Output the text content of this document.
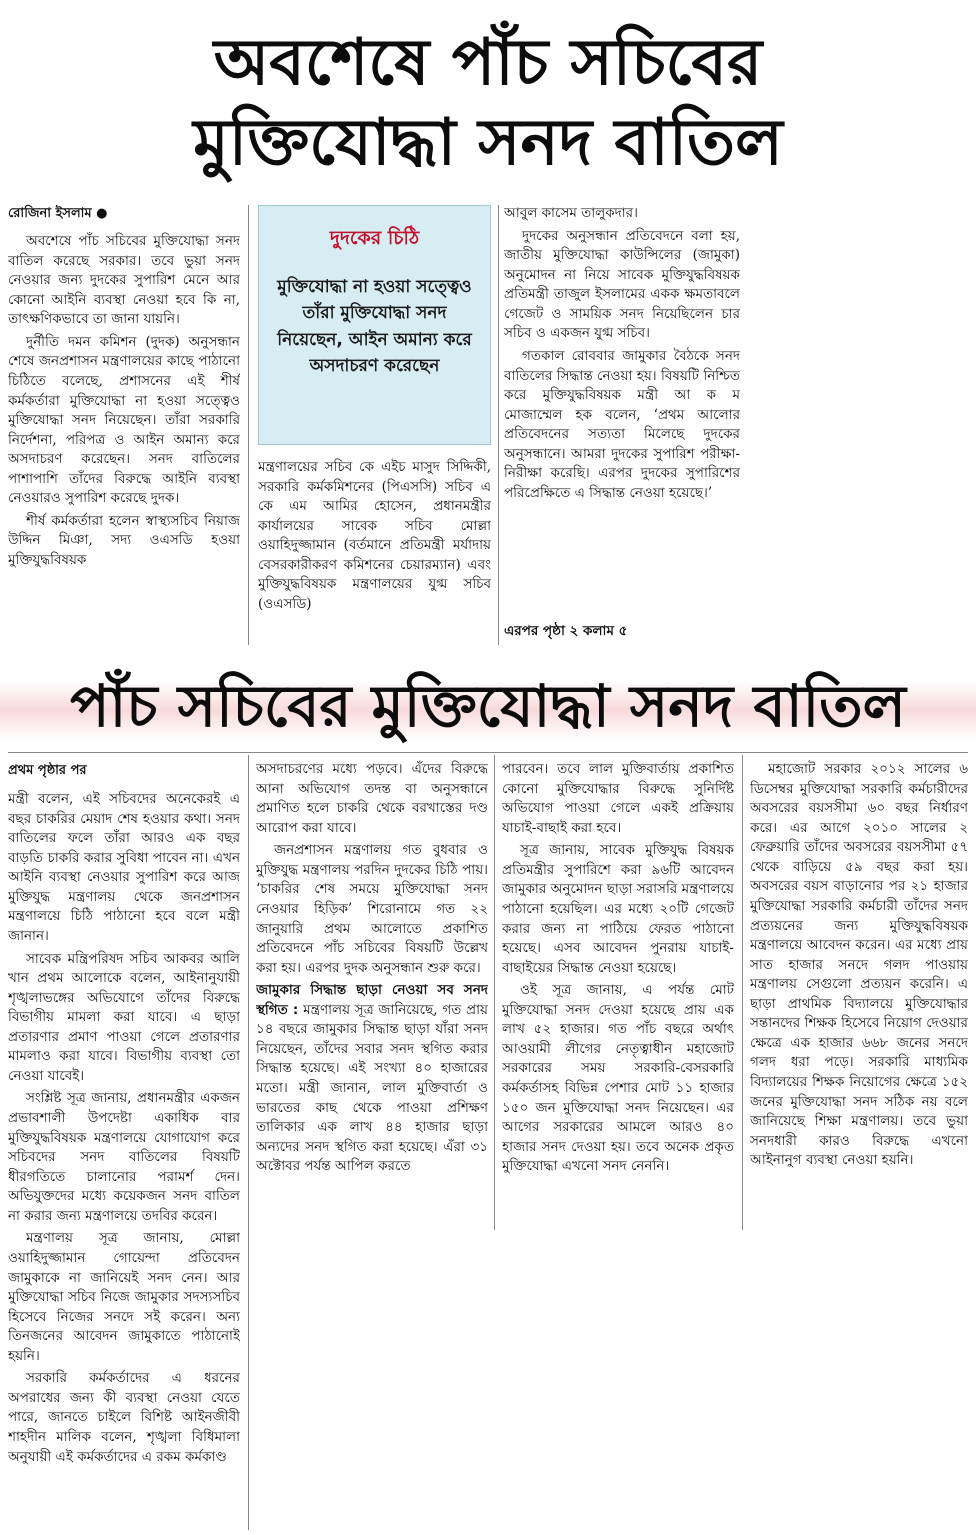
অবশেষে পাঁচ সচিবের
মুক্তিযোদ্ধা সনদ বাতিল
রোজিনা ইসলাম ●

অবশেষে পাঁচ সচিবের মুক্তিযোদ্ধা সনদ বাতিল করেছে সরকার। তবে ভুয়া সনদ নেওয়ার জন্য দুদকের সুপারিশ মেনে আর কোনো আইনি ব্যবস্থা নেওয়া হবে কি না, তাৎক্ষণিকভাবে তা জানা যায়নি।

দুর্নীতি দমন কমিশন (দুদক) অনুসন্ধান শেষে জনপ্রশাসন মন্ত্রণালয়ের কাছে পাঠানো চিঠিতে বলেছে, প্রশাসনের এই শীর্ষ কর্মকর্তারা মুক্তিযোদ্ধা না হওয়া সত্ত্বেও মুক্তিযোদ্ধা সনদ নিয়েছেন। তাঁরা সরকারি নির্দেশনা, পরিপত্র ও আইন অমান্য করে অসদাচরণ করেছেন। সনদ বাতিলের পাশাপাশি তাঁদের বিরুদ্ধে আইনি ব্যবস্থা নেওয়ারও সুপারিশ করেছে দুদক।

শীর্ষ কর্মকর্তারা হলেন স্বাস্থ্যসচিব নিয়াজ উদ্দিন মিঞা, সদ্য ওএসডি হওয়া মুক্তিযুদ্ধবিষয়ক

দুদকের চিঠি
মুক্তিযোদ্ধা না হওয়া সত্ত্বেও তাঁরা মুক্তিযোদ্ধা সনদ নিয়েছেন, আইন অমান্য করে অসদাচরণ করেছেন

মন্ত্রণালয়ের সচিব কে এইচ মাসুদ সিদ্দিকী, সরকারি কর্মকমিশনের (পিএসসি) সচিব এ কে এম আমির হোসেন, প্রধানমন্ত্রীর কার্যালয়ের সাবেক সচিব মোল্লা ওয়াহিদুজ্জামান (বর্তমানে প্রতিমন্ত্রী মর্যাদায় বেসরকারীকরণ কমিশনের চেয়ারম্যান) এবং মুক্তিযুদ্ধবিষয়ক মন্ত্রণালয়ের যুগ্ম সচিব (ওএসডি)

আবুল কাসেম তালুকদার।

দুদকের অনুসন্ধান প্রতিবেদনে বলা হয়, জাতীয় মুক্তিযোদ্ধা কাউন্সিলের (জামুকা) অনুমোদন না নিয়ে সাবেক মুক্তিযুদ্ধবিষয়ক প্রতিমন্ত্রী তাজুল ইসলামের একক ক্ষমতাবলে গেজেট ও সাময়িক সনদ নিয়েছিলেন চার সচিব ও একজন যুগ্ম সচিব।

গতকাল রোববার জামুকার বৈঠকে সনদ বাতিলের সিদ্ধান্ত নেওয়া হয়। বিষয়টি নিশ্চিত করে মুক্তিযুদ্ধবিষয়ক মন্ত্রী আ ক ম মোজাম্মেল হক বলেন, ‘প্রথম আলোর প্রতিবেদনের সত্যতা মিলেছে দুদকের অনুসন্ধানে। আমরা দুদকের সুপারিশ পরীক্ষা-নিরীক্ষা করেছি। এরপর দুদকের সুপারিশের পরিপ্রেক্ষিতে এ সিদ্ধান্ত নেওয়া হয়েছে।’

এরপর পৃষ্ঠা ২ কলাম ৫
পাঁচ সচিবের মুক্তিযোদ্ধা সনদ বাতিল
প্রথম পৃষ্ঠার পর

মন্ত্রী বলেন, এই সচিবদের অনেকেরই এ বছর চাকরির মেয়াদ শেষ হওয়ার কথা। সনদ বাতিলের ফলে তাঁরা আরও এক বছর বাড়তি চাকরি করার সুবিধা পাবেন না। এখন আইনি ব্যবস্থা নেওয়ার সুপারিশ করে আজ মুক্তিযুদ্ধ মন্ত্রণালয় থেকে জনপ্রশাসন মন্ত্রণালয়ে চিঠি পাঠানো হবে বলে মন্ত্রী জানান।

সাবেক মন্ত্রিপরিষদ সচিব আকবর আলি খান প্রথম আলোকে বলেন, আইনানুযায়ী শৃঙ্খলাভঙ্গের অভিযোগে তাঁদের বিরুদ্ধে বিভাগীয় মামলা করা যাবে। এ ছাড়া প্রতারণার প্রমাণ পাওয়া গেলে প্রতারণার মামলাও করা যাবে। বিভাগীয় ব্যবস্থা তো নেওয়া যাবেই।

সংশ্লিষ্ট সূত্র জানায়, প্রধানমন্ত্রীর একজন প্রভাবশালী উপদেষ্টা একাধিক বার মুক্তিযুদ্ধবিষয়ক মন্ত্রণালয়ে যোগাযোগ করে সচিবদের সনদ বাতিলের বিষয়টি ধীরগতিতে চালানোর পরামর্শ দেন। অভিযুক্তদের মধ্যে কয়েকজন সনদ বাতিল না করার জন্য মন্ত্রণালয়ে তদবির করেন।

মন্ত্রণালয় সূত্র জানায়, মোল্লা ওয়াহিদুজ্জামান গোয়েন্দা প্রতিবেদন জামুকাকে না জানিয়েই সনদ নেন। আর মুক্তিযোদ্ধা সচিব নিজে জামুকার সদস্যসচিব হিসেবে নিজের সনদে সই করেন। অন্য তিনজনের আবেদন জামুকাতে পাঠানোই হয়নি।

সরকারি কর্মকর্তাদের এ ধরনের অপরাধের জন্য কী ব্যবস্থা নেওয়া যেতে পারে, জানতে চাইলে বিশিষ্ট আইনজীবী শাহদীন মালিক বলেন, শৃঙ্খলা বিধিমালা অনুযায়ী এই কর্মকর্তাদের এ রকম কর্মকাণ্ড

অসদাচরণের মধ্যে পড়বে। এঁদের বিরুদ্ধে আনা অভিযোগ তদন্ত বা অনুসন্ধানে প্রমাণিত হলে চাকরি থেকে বরখাস্তের দণ্ড আরোপ করা যাবে।

জনপ্রশাসন মন্ত্রণালয় গত বুধবার ও মুক্তিযুদ্ধ মন্ত্রণালয় পরদিন দুদকের চিঠি পায়। ‘চাকরির শেষ সময়ে মুক্তিযোদ্ধা সনদ নেওয়ার হিড়িক’ শিরোনামে গত ২২ জানুয়ারি প্রথম আলোতে প্রকাশিত প্রতিবেদনে পাঁচ সচিবের বিষয়টি উল্লেখ করা হয়। এরপর দুদক অনুসন্ধান শুরু করে।

জামুকার সিদ্ধান্ত ছাড়া নেওয়া সব সনদ স্থগিত : মন্ত্রণালয় সূত্র জানিয়েছে, গত প্রায় ১৪ বছরে জামুকার সিদ্ধান্ত ছাড়া যাঁরা সনদ নিয়েছেন, তাঁদের সবার সনদ স্থগিত করার সিদ্ধান্ত হয়েছে। এই সংখ্যা ৪০ হাজারের মতো। মন্ত্রী জানান, লাল মুক্তিবার্তা ও ভারতের কাছ থেকে পাওয়া প্রশিক্ষণ তালিকার এক লাখ ৪৪ হাজার ছাড়া অন্যদের সনদ স্থগিত করা হয়েছে। এঁরা ৩১ অক্টোবর পর্যন্ত আপিল করতে

পারবেন। তবে লাল মুক্তিবার্তায় প্রকাশিত কোনো মুক্তিযোদ্ধার বিরুদ্ধে সুনির্দিষ্ট অভিযোগ পাওয়া গেলে একই প্রক্রিয়ায় যাচাই-বাছাই করা হবে।

সূত্র জানায়, সাবেক মুক্তিযুদ্ধ বিষয়ক প্রতিমন্ত্রীর সুপারিশে করা ৯৬টি আবেদন জামুকার অনুমোদন ছাড়া সরাসরি মন্ত্রণালয়ে পাঠানো হয়েছিল। এর মধ্যে ২০টি গেজেট করার জন্য না পাঠিয়ে ফেরত পাঠানো হয়েছে। এসব আবেদন পুনরায় যাচাই-বাছাইয়ের সিদ্ধান্ত নেওয়া হয়েছে।

ওই সূত্র জানায়, এ পর্যন্ত মোট মুক্তিযোদ্ধা সনদ দেওয়া হয়েছে প্রায় এক লাখ ৫২ হাজার। গত পাঁচ বছরে অর্থাৎ আওয়ামী লীগের নেতৃত্বাধীন মহাজোট সরকারের সময় সরকারি-বেসরকারি কর্মকর্তাসহ বিভিন্ন পেশার মোট ১১ হাজার ১৫০ জন মুক্তিযোদ্ধা সনদ নিয়েছেন। এর আগের সরকারের আমলে আরও ৪০ হাজার সনদ দেওয়া হয়। তবে অনেক প্রকৃত মুক্তিযোদ্ধা এখনো সনদ নেননি।

মহাজোট সরকার ২০১২ সালের ৬ ডিসেম্বর মুক্তিযোদ্ধা সরকারি কর্মচারীদের অবসরের বয়সসীমা ৬০ বছর নির্ধারণ করে। এর আগে ২০১০ সালের ২ ফেব্রুয়ারি তাঁদের অবসরের বয়সসীমা ৫৭ থেকে বাড়িয়ে ৫৯ বছর করা হয়। অবসরের বয়স বাড়ানোর পর ২১ হাজার মুক্তিযোদ্ধা সরকারি কর্মচারী তাঁদের সনদ প্রত্যয়নের জন্য মুক্তিযুদ্ধবিষয়ক মন্ত্রণালয়ে আবেদন করেন। এর মধ্যে প্রায় সাত হাজার সনদে গলদ পাওয়ায় মন্ত্রণালয় সেগুলো প্রত্যয়ন করেনি। এ ছাড়া প্রাথমিক বিদ্যালয়ে মুক্তিযোদ্ধার সন্তানদের শিক্ষক হিসেবে নিয়োগ দেওয়ার ক্ষেত্রে এক হাজার ৬৬৮ জনের সনদে গলদ ধরা পড়ে। সরকারি মাধ্যমিক বিদ্যালয়ের শিক্ষক নিয়োগের ক্ষেত্রে ১৫২ জনের মুক্তিযোদ্ধা সনদ সঠিক নয় বলে জানিয়েছে শিক্ষা মন্ত্রণালয়। তবে ভুয়া সনদধারী কারও বিরুদ্ধে এখনো আইনানুগ ব্যবস্থা নেওয়া হয়নি।
